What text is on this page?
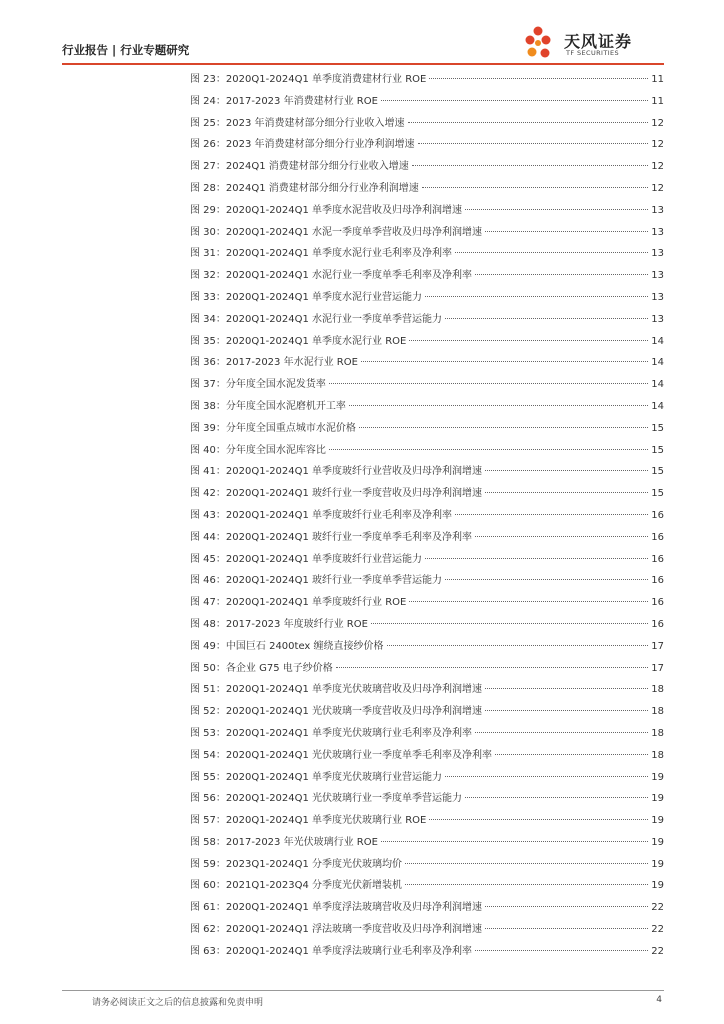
行业报告 | 行业专题研究	天风证券
TF SECURITIES
图 23：2020Q1-2024Q1 单季度消费建材行业 ROE	11
图 24：2017-2023 年消费建材行业 ROE	11
图 25：2023 年消费建材部分细分行业收入增速	12
图 26：2023 年消费建材部分细分行业净利润增速	12
图 27：2024Q1 消费建材部分细分行业收入增速	12
图 28：2024Q1 消费建材部分细分行业净利润增速	12
图 29：2020Q1-2024Q1 单季度水泥营收及归母净利润增速	13
图 30：2020Q1-2024Q1 水泥一季度单季营收及归母净利润增速	13
图 31：2020Q1-2024Q1 单季度水泥行业毛利率及净利率	13
图 32：2020Q1-2024Q1 水泥行业一季度单季毛利率及净利率	13
图 33：2020Q1-2024Q1 单季度水泥行业营运能力	13
图 34：2020Q1-2024Q1 水泥行业一季度单季营运能力	13
图 35：2020Q1-2024Q1 单季度水泥行业 ROE	14
图 36：2017-2023 年水泥行业 ROE	14
图 37：分年度全国水泥发货率	14
图 38：分年度全国水泥磨机开工率	14
图 39：分年度全国重点城市水泥价格	15
图 40：分年度全国水泥库容比	15
图 41：2020Q1-2024Q1 单季度玻纤行业营收及归母净利润增速	15
图 42：2020Q1-2024Q1 玻纤行业一季度营收及归母净利润增速	15
图 43：2020Q1-2024Q1 单季度玻纤行业毛利率及净利率	16
图 44：2020Q1-2024Q1 玻纤行业一季度单季毛利率及净利率	16
图 45：2020Q1-2024Q1 单季度玻纤行业营运能力	16
图 46：2020Q1-2024Q1 玻纤行业一季度单季营运能力	16
图 47：2020Q1-2024Q1 单季度玻纤行业 ROE	16
图 48：2017-2023 年度玻纤行业 ROE	16
图 49：中国巨石 2400tex 缠绕直接纱价格	17
图 50：各企业 G75 电子纱价格	17
图 51：2020Q1-2024Q1 单季度光伏玻璃营收及归母净利润增速	18
图 52：2020Q1-2024Q1 光伏玻璃一季度营收及归母净利润增速	18
图 53：2020Q1-2024Q1 单季度光伏玻璃行业毛利率及净利率	18
图 54：2020Q1-2024Q1 光伏玻璃行业一季度单季毛利率及净利率	18
图 55：2020Q1-2024Q1 单季度光伏玻璃行业营运能力	19
图 56：2020Q1-2024Q1 光伏玻璃行业一季度单季营运能力	19
图 57：2020Q1-2024Q1 单季度光伏玻璃行业 ROE	19
图 58：2017-2023 年光伏玻璃行业 ROE	19
图 59：2023Q1-2024Q1 分季度光伏玻璃均价	19
图 60：2021Q1-2023Q4 分季度光伏新增装机	19
图 61：2020Q1-2024Q1 单季度浮法玻璃营收及归母净利润增速	22
图 62：2020Q1-2024Q1 浮法玻璃一季度营收及归母净利润增速	22
图 63：2020Q1-2024Q1 单季度浮法玻璃行业毛利率及净利率	22
请务必阅读正文之后的信息披露和免责申明	4
